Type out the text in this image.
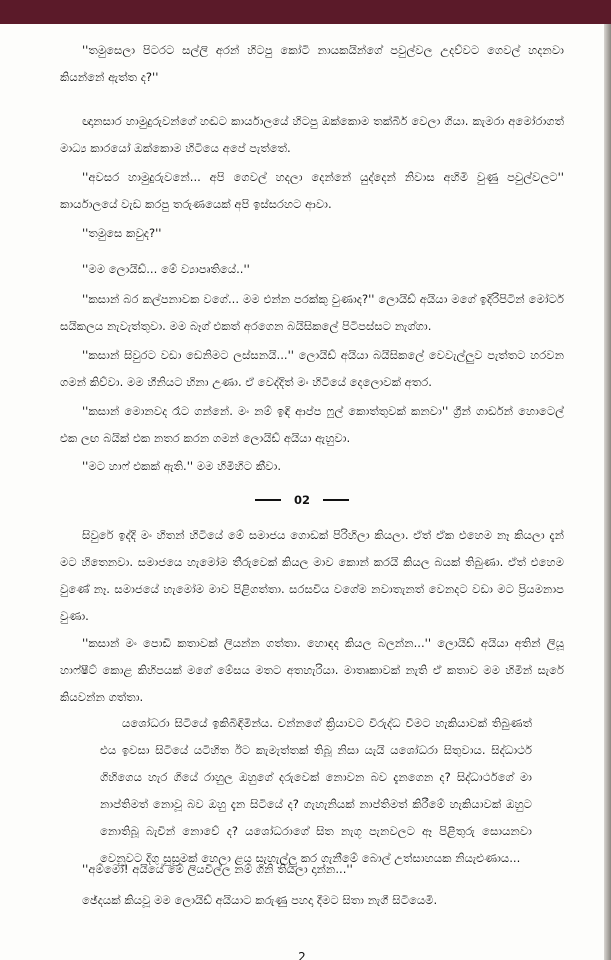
''තමුසෙලා පිටරට සල්ලි අරන් හිටපු කෝටි නායකයින්ගේ පවුල්වල උදව්වට ගෙවල් හදනවා කියන්නේ ඇත්ත ද?''

ඥානසාර හාමුදුරුවන්ගේ හඬට කාර්යාලයේ හිටපු ඔක්කොම තක්බීර් වෙලා ගියා. කැමරා අමෝරාගත් මාධ්‍ය කාරයෝ ඔක්කොම හිටියෙ අපේ පැත්තේ.

''අවසර හාමුදුරුවනේ... අපි ගෙවල් හදලා දෙන්නේ යුද්දෙන් නිවාස අහිමි වුණු පවුල්වලට'' කාර්යාලයේ වැඩ කරපු තරුණයෙක් අපි ඉස්සරහට ආවා.

''තමුසෙ කවුද?''

''මම ලොයිඩ්... මේ ව්‍යාපෘතියේ..''

''කසාන් බර කල්පනාවක වගේ... මම එන්න පරක්කු වුණාද?'' ලොයිඩ් අයියා මගේ ඉදිරිපිටින් මෝටර් සයිකලය නැවැත්තුවා. මම බෑග් එකත් අරගෙන බයිසිකලේ පිටිපස්සට නැග්ගා.

''කසාන් සිවුරට වඩා ඩෙනිමට ලස්සනයි...'' ලොයිඩ් අයියා බයිසිකලේ වෙවැල්ලුව පැත්තට හරවන ගමන් කිව්වා. මම හීනියට හිනා උණා. ඒ වෙද්දිත් මං හිටියේ දෙලොවක් අතර.

''කසාන් මොනවද රෑට ගන්නේ. මං නම් ඉඳි ආප්ප ෆුල් කොත්තුවක් කනවා'' ග්‍රීන් ගාර්ඩන් හොටෙල් එක ලඟ බයික් එක නතර කරන ගමන් ලොයිඩ් අයියා ඇහුවා.

''මට හාෆ් එකක් ඇති.'' මම හිමිහිට කීවා.

02

සිවුරේ ඉද්දි මං හිතන් හිටියේ මේ සමාජය ගොඩක් පිරිහිලා කියලා. ඒත් ඒක එහෙම නෑ කියලා දැන් මට හිතෙනවා. සමාජයෙ හැමෝම තීරුවෙක් කියල මාව කොන් කරයි කියල බයක් තිබුණා. ඒත් එහෙම වුණේ නෑ. සමාජයේ හැමෝම මාව පිළිගත්තා. සරසවිය වගේම නවාතැනත් වෙනදට වඩා මට ප්‍රියමනාප වුණා.

''කසාන් මං පොඩි කතාවක් ලියන්න ගත්තා. හොඳද කියල බලන්න...'' ලොයිඩ් අයියා අතින් ලියූ හාෆ්ෂීට් කොළ කිහිපයක් මගේ මේසය මතට අතහැරියා. මාතෘකාවක් නැති ඒ කතාව මම හිමින් සැරේ කියවන්න ගත්තා.

යශෝධරා සිටියේ ඉකිබිඳිමින්ය. චන්නගේ ක්‍රියාවට විරුද්ධ වීමට හැකියාවක් තිබුණත් එය ඉවසා සිටියේ යටිහිත ඊට කැමැත්තක් තිබූ නිසා යැයි යශෝධරා සිතුවාය. සිද්ධාර්ථ ගිහිගෙය හැර ගියේ රාහුල ඔහුගේ දරුවෙක් නොවන බව දැනගෙන ද? සිද්ධාර්ථගේ මා නාප්තිමත් නොවූ බව ඔහු දැන සිටියේ ද? ගැහැනියක් නාප්තිමත් කිරීමේ හැකියාවක් ඔහුට නොතිබූ බැවින් නොවේ ද? යශෝධරාගේ සිත නැගූ පැනවලට ඈ පිළිතුරු සොයනවා වෙනුවට දිගු සුසුමක් හෙලා ළය සැහැල්ලු කර ගැනීමේ බොල් උත්සාහයක නියැළුණාය...

''අම්මෝ! අයියේ මේ ලියවිල්ල නම් ගිනි තියලා දාන්න...''

ඡේදයක් කියවූ මම ලොයිඩ් අයියාට කරුණු පහදා දීමට සිතා නැගී සිටියෙමි.

2
